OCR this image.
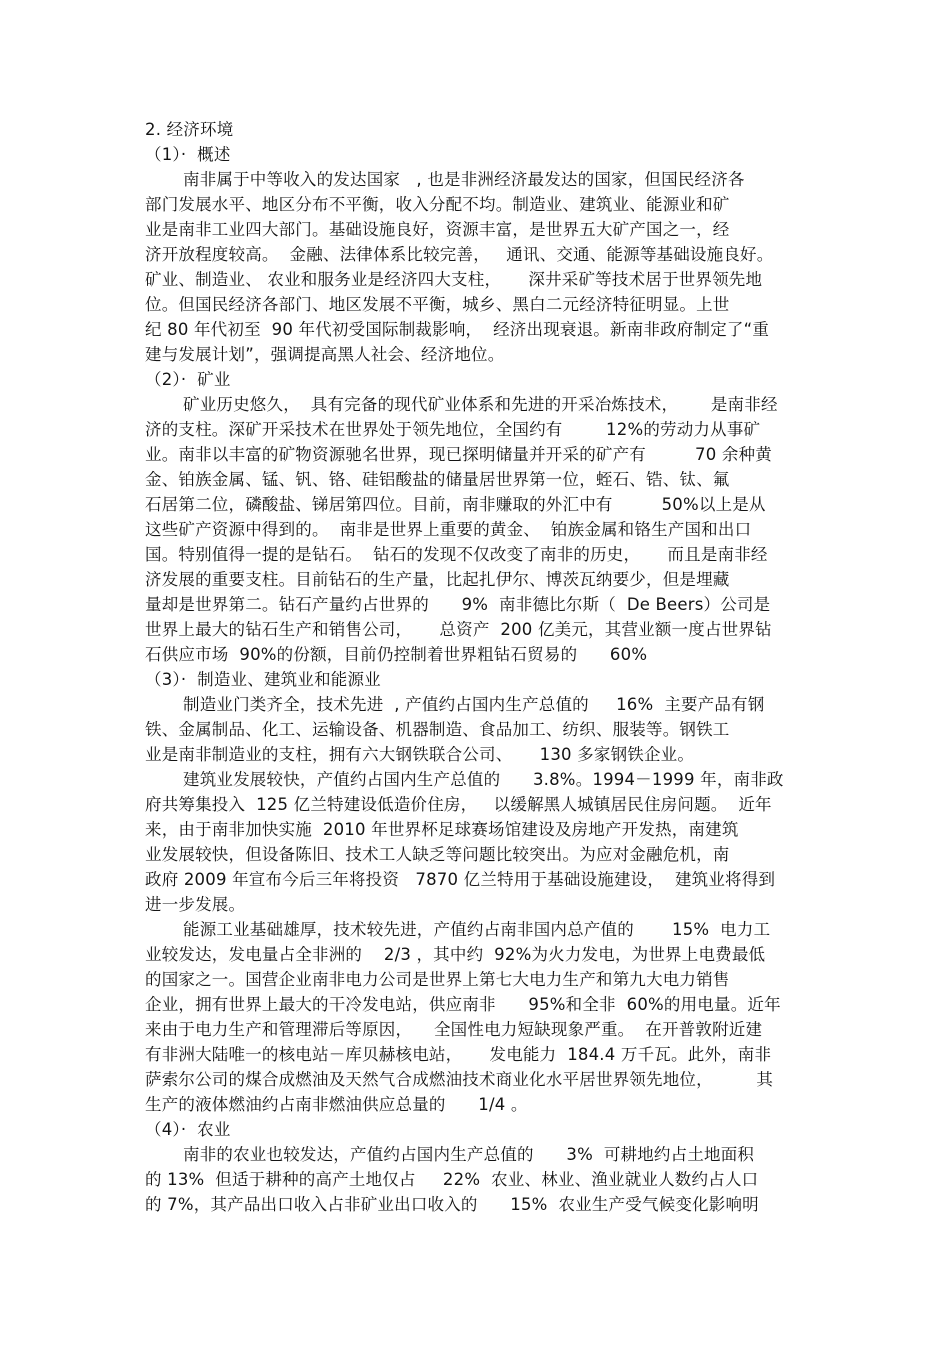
2. 经济环境
（1）·  概述
南非属于中等收入的发达国家   , 也是非洲经济最发达的国家，但国民经济各
部门发展水平、地区分布不平衡，收入分配不均。制造业、建筑业、能源业和矿
业是南非工业四大部门。基础设施良好，资源丰富，是世界五大矿产国之一，经
济开放程度较高。  金融、法律体系比较完善，   通讯、交通、能源等基础设施良好。
矿业、制造业、 农业和服务业是经济四大支柱，     深井采矿等技术居于世界领先地
位。但国民经济各部门、地区发展不平衡，城乡、黑白二元经济特征明显。上世
纪 80 年代初至  90 年代初受国际制裁影响，  经济出现衰退。新南非政府制定了“重
建与发展计划”，强调提高黑人社会、经济地位。
（2）·  矿业
矿业历史悠久，  具有完备的现代矿业体系和先进的开采冶炼技术，      是南非经
济的支柱。深矿开采技术在世界处于领先地位，全国约有        12%的劳动力从事矿
业。南非以丰富的矿物资源驰名世界，现已探明储量并开采的矿产有         70 余种黄
金、铂族金属、锰、钒、铬、硅铝酸盐的储量居世界第一位，蛭石、锆、钛、氟
石居第二位，磷酸盐、锑居第四位。目前，南非赚取的外汇中有         50%以上是从
这些矿产资源中得到的。  南非是世界上重要的黄金、  铂族金属和铬生产国和出口
国。特别值得一提的是钻石。  钻石的发现不仅改变了南非的历史，     而且是南非经
济发展的重要支柱。目前钻石的生产量，比起扎伊尔、博茨瓦纳要少，但是埋藏
量却是世界第二。钻石产量约占世界的      9%  南非德比尔斯（  De Beers）公司是
世界上最大的钻石生产和销售公司，     总资产  200 亿美元，其营业额一度占世界钻
石供应市场  90%的份额，目前仍控制着世界粗钻石贸易的      60%
（3）·  制造业、建筑业和能源业
制造业门类齐全，技术先进  , 产值约占国内生产总值的     16%  主要产品有钢
铁、金属制品、化工、运输设备、机器制造、食品加工、纺织、服装等。钢铁工
业是南非制造业的支柱，拥有六大钢铁联合公司、     130 多家钢铁企业。
建筑业发展较快，产值约占国内生产总值的      3.8%。1994－1999 年，南非政
府共筹集投入  125 亿兰特建设低造价住房，   以缓解黑人城镇居民住房问题。  近年
来，由于南非加快实施  2010 年世界杯足球赛场馆建设及房地产开发热，南建筑
业发展较快，但设备陈旧、技术工人缺乏等问题比较突出。为应对金融危机，南
政府 2009 年宣布今后三年将投资   7870 亿兰特用于基础设施建设，  建筑业将得到
进一步发展。
能源工业基础雄厚，技术较先进，产值约占南非国内总产值的       15%  电力工
业较发达，发电量占全非洲的    2/3 ，其中约  92%为火力发电，为世界上电费最低
的国家之一。国营企业南非电力公司是世界上第七大电力生产和第九大电力销售
企业，拥有世界上最大的干冷发电站，供应南非      95%和全非  60%的用电量。近年
来由于电力生产和管理滞后等原因，    全国性电力短缺现象严重。  在开普敦附近建
有非洲大陆唯一的核电站－库贝赫核电站，     发电能力  184.4 万千瓦。此外，南非
萨索尔公司的煤合成燃油及天然气合成燃油技术商业化水平居世界领先地位，        其
生产的液体燃油约占南非燃油供应总量的      1/4 。
（4）·  农业
南非的农业也较发达，产值约占国内生产总值的      3%  可耕地约占土地面积
的 13%  但适于耕种的高产土地仅占     22%  农业、林业、渔业就业人数约占人口
的 7%，其产品出口收入占非矿业出口收入的      15%  农业生产受气候变化影响明
